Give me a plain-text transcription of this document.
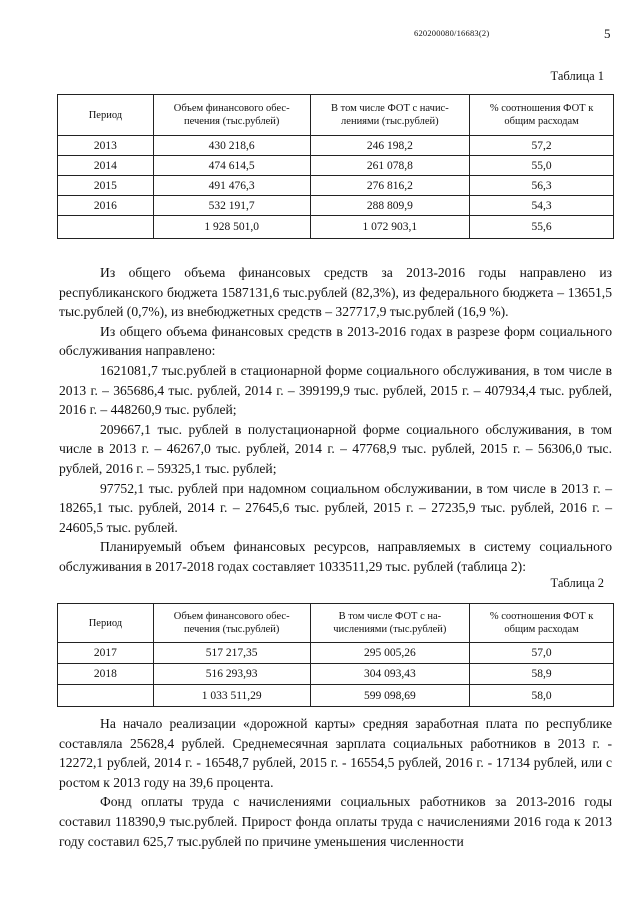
620200080/16683(2)	5
Таблица 1
Период	Объем финансового обес-печения (тыс.рублей)	В том числе ФОТ с начис-лениями (тыс.рублей)	% соотношения ФОТ к общим расходам
2013	430 218,6	246 198,2	57,2
2014	474 614,5	261 078,8	55,0
2015	491 476,3	276 816,2	56,3
2016	532 191,7	288 809,9	54,3
	1 928 501,0	1 072 903,1	55,6

Из общего объема финансовых средств за 2013-2016 годы направлено из республиканского бюджета 1587131,6 тыс.рублей (82,3%), из федерального бюджета – 13651,5 тыс.рублей (0,7%), из внебюджетных средств – 327717,9 тыс.рублей (16,9 %).

Из общего объема финансовых средств в 2013-2016 годах в разрезе форм социального обслуживания направлено:

1621081,7 тыс.рублей в стационарной форме социального обслуживания, в том числе в 2013 г. – 365686,4 тыс. рублей, 2014 г. – 399199,9 тыс. рублей, 2015 г. – 407934,4 тыс. рублей, 2016 г. – 448260,9 тыс. рублей;

209667,1 тыс. рублей в полустационарной форме социального обслуживания, в том числе в 2013 г. – 46267,0 тыс. рублей, 2014 г. – 47768,9 тыс. рублей, 2015 г. – 56306,0 тыс. рублей, 2016 г. – 59325,1 тыс. рублей;

97752,1 тыс. рублей при надомном социальном обслуживании, в том числе в 2013 г. – 18265,1 тыс. рублей, 2014 г. – 27645,6 тыс. рублей, 2015 г. – 27235,9 тыс. рублей, 2016 г. – 24605,5 тыс. рублей.

Планируемый объем финансовых ресурсов, направляемых в систему социального обслуживания в 2017-2018 годах составляет 1033511,29 тыс. рублей (таблица 2):

Таблица 2
Период	Объем финансового обес-печения (тыс.рублей)	В том числе ФОТ с на-числениями (тыс.рублей)	% соотношения ФОТ к общим расходам
2017	517 217,35	295 005,26	57,0
2018	516 293,93	304 093,43	58,9
	1 033 511,29	599 098,69	58,0

На начало реализации «дорожной карты» средняя заработная плата по республике составляла 25628,4 рублей. Среднемесячная зарплата социальных работников в 2013 г. - 12272,1 рублей, 2014 г. - 16548,7 рублей, 2015 г. - 16554,5 рублей, 2016 г. - 17134 рублей, или с ростом к 2013 году на 39,6 процента.

Фонд оплаты труда с начислениями социальных работников за 2013-2016 годы составил 118390,9 тыс.рублей. Прирост фонда оплаты труда с начислениями 2016 года к 2013 году составил 625,7 тыс.рублей по причине уменьшения численности
